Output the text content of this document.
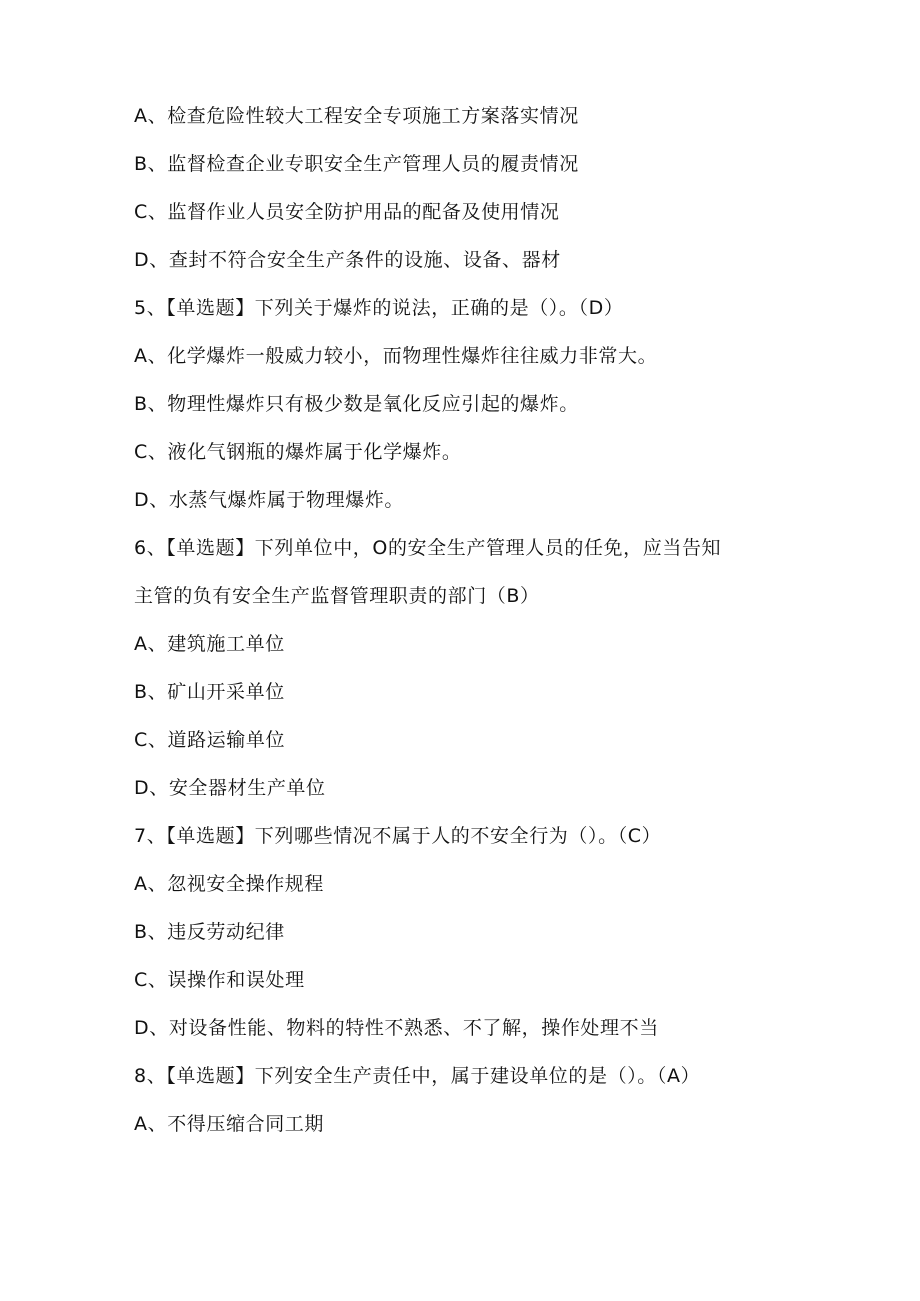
A、检查危险性较大工程安全专项施工方案落实情况
B、监督检查企业专职安全生产管理人员的履责情况
C、监督作业人员安全防护用品的配备及使用情况
D、查封不符合安全生产条件的设施、设备、器材
5、【单选题】下列关于爆炸的说法，正确的是（）。（D）
A、化学爆炸一般威力较小，而物理性爆炸往往威力非常大。
B、物理性爆炸只有极少数是氧化反应引起的爆炸。
C、液化气钢瓶的爆炸属于化学爆炸。
D、水蒸气爆炸属于物理爆炸。
6、【单选题】下列单位中，O的安全生产管理人员的任免，应当告知
主管的负有安全生产监督管理职责的部门（B）
A、建筑施工单位
B、矿山开采单位
C、道路运输单位
D、安全器材生产单位
7、【单选题】下列哪些情况不属于人的不安全行为（）。（C）
A、忽视安全操作规程
B、违反劳动纪律
C、误操作和误处理
D、对设备性能、物料的特性不熟悉、不了解，操作处理不当
8、【单选题】下列安全生产责任中，属于建设单位的是（）。（A）
A、不得压缩合同工期
